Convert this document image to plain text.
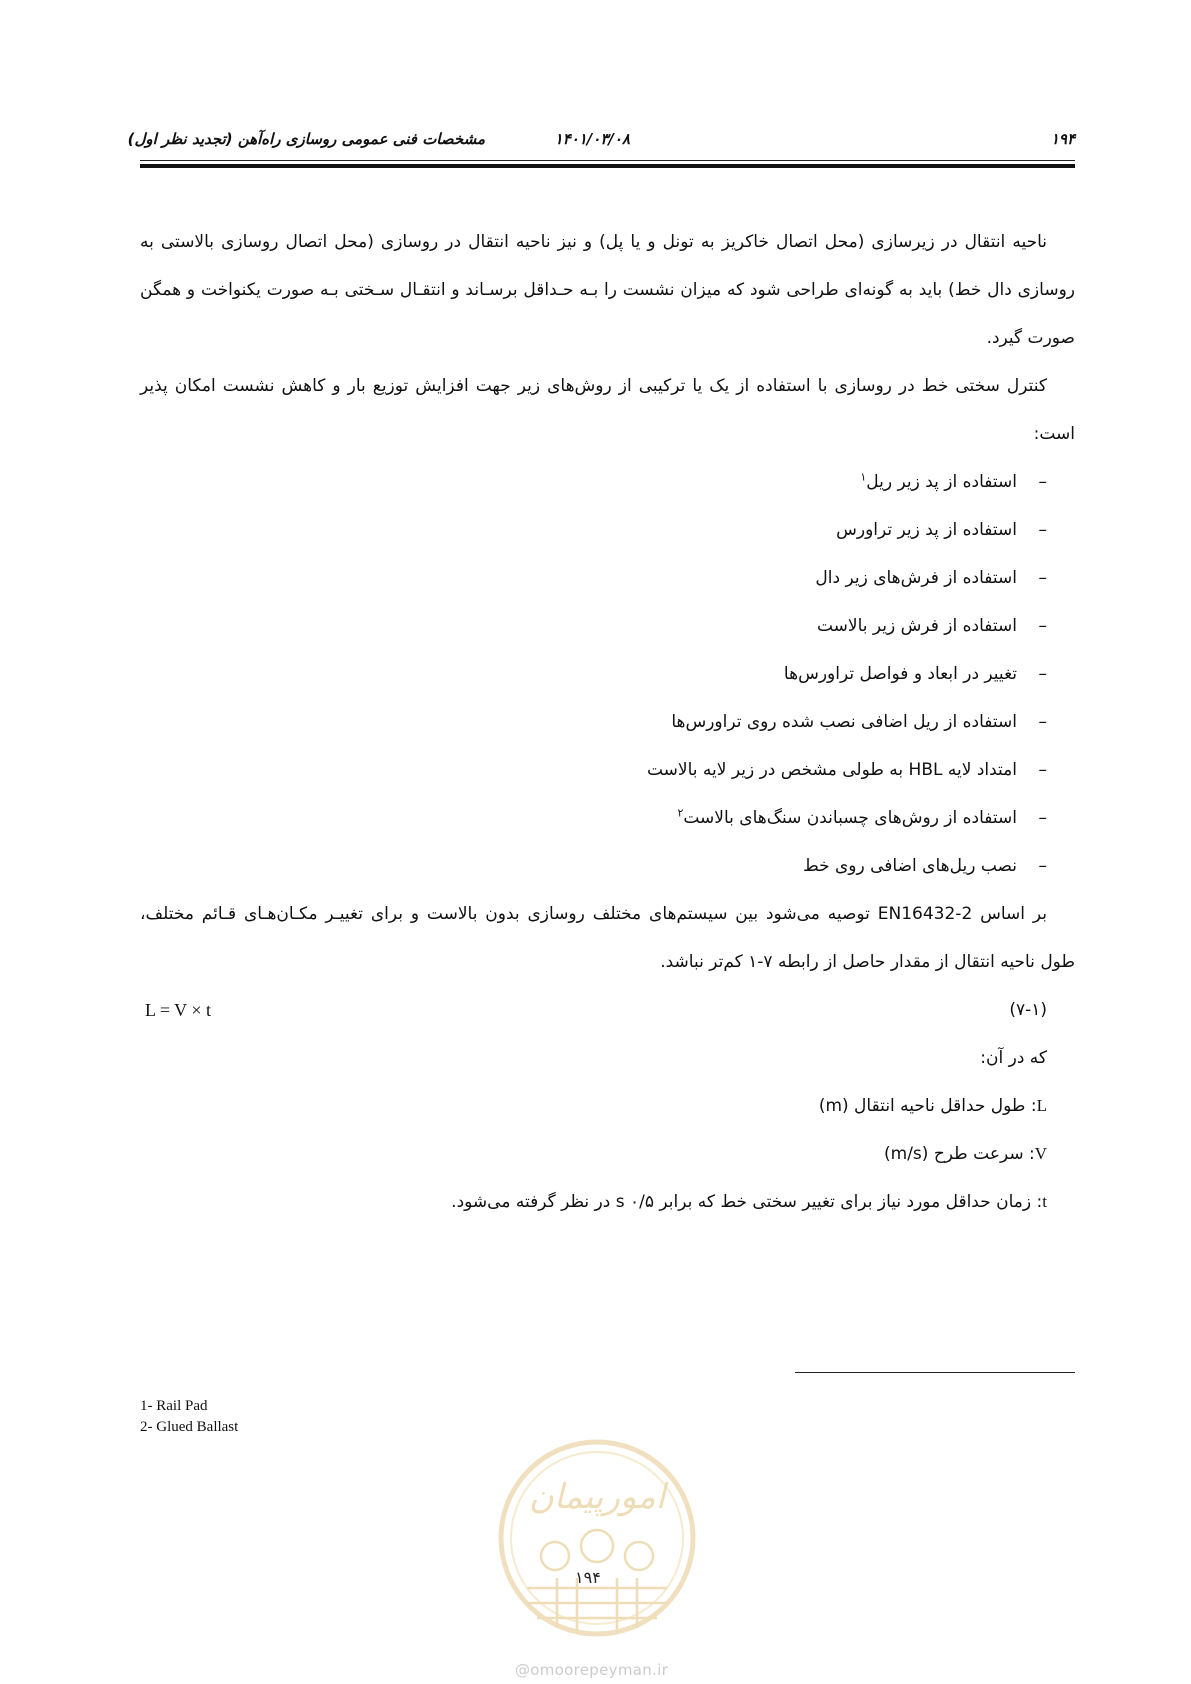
۱۹۴
۱۴۰۱/۰۳/۰۸
مشخصات فنی عمومی روسازی راه‌آهن (تجدید نظر اول)

ناحیه انتقال در زیرسازی (محل اتصال خاکریز به تونل و یا پل) و نیز ناحیه انتقال در روسازی (محل اتصال روسازی بالاستی به روسازی دال خط) باید به گونه‌ای طراحی شود که میزان نشست را بـه حـداقل برسـاند و انتقـال سـختی بـه صورت یکنواخت و همگن صورت گیرد.

کنترل سختی خط در روسازی با استفاده از یک یا ترکیبی از روش‌های زیر جهت افزایش توزیع بار و کاهش نشست امکان پذیر است:

–استفاده از پد زیر ریل$^۱$
–استفاده از پد زیر تراورس
–استفاده از فرش‌های زیر دال
–استفاده از فرش زیر بالاست
–تغییر در ابعاد و فواصل تراورس‌ها
–استفاده از ریل اضافی نصب شده روی تراورس‌ها
–امتداد لایه HBL به طولی مشخص در زیر لایه بالاست
–استفاده از روش‌های چسباندن سنگ‌های بالاست$^۲$
–نصب ریل‌های اضافی روی خط

بر اساس EN16432-2 توصیه می‌شود بین سیستم‌های مختلف روسازی بدون بالاست و برای تغییـر مکـان‌هـای قـائم مختلف، طول ناحیه انتقال از مقدار حاصل از رابطه ۷-۱ کم‌تر نباشد.

(۷-۱)
L = V × t

که در آن:

L: طول حداقل ناحیه انتقال (m)

V: سرعت طرح (m/s)

t: زمان حداقل مورد نیاز برای تغییر سختی خط که برابر s ۰/۵ در نظر گرفته می‌شود.

1- Rail Pad
2- Glued Ballast
امورپیمان
۱۹۴
@omoorepeyman.ir
